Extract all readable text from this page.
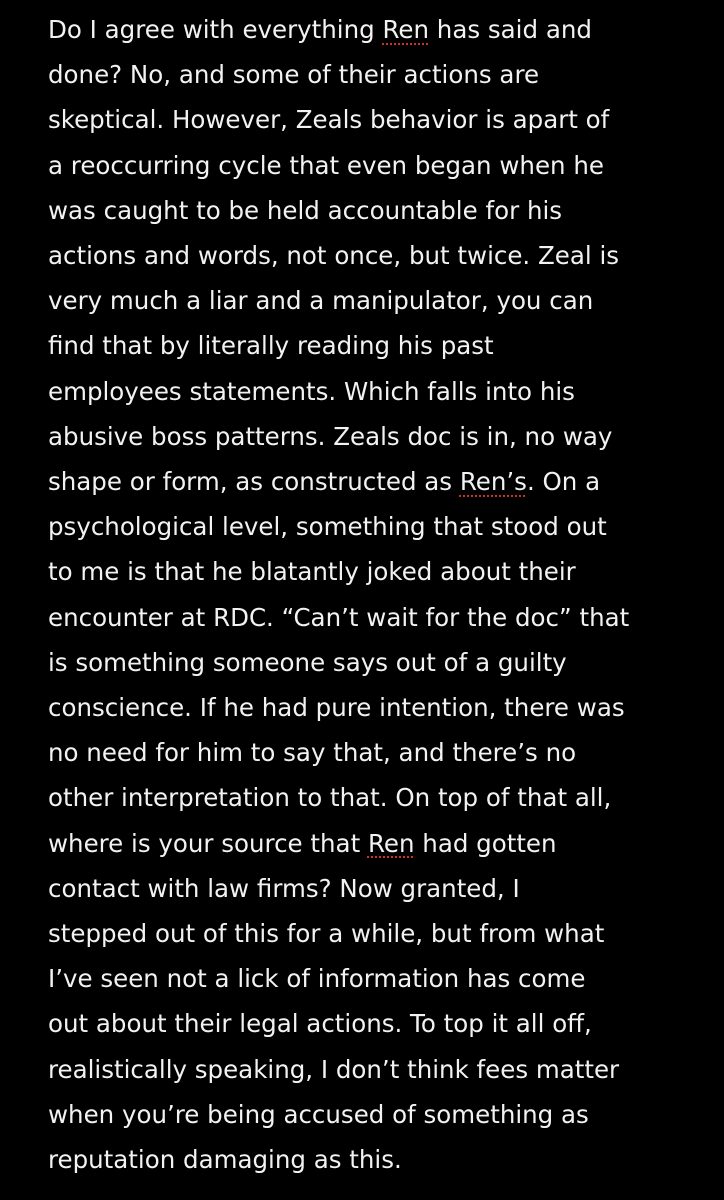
Do I agree with everything Ren has said and
done? No, and some of their actions are
skeptical. However, Zeals behavior is apart of
a reoccurring cycle that even began when he
was caught to be held accountable for his
actions and words, not once, but twice. Zeal is
very much a liar and a manipulator, you can
find that by literally reading his past
employees statements. Which falls into his
abusive boss patterns. Zeals doc is in, no way
shape or form, as constructed as Ren’s. On a
psychological level, something that stood out
to me is that he blatantly joked about their
encounter at RDC. “Can’t wait for the doc” that
is something someone says out of a guilty
conscience. If he had pure intention, there was
no need for him to say that, and there’s no
other interpretation to that. On top of that all,
where is your source that Ren had gotten
contact with law firms? Now granted, I
stepped out of this for a while, but from what
I’ve seen not a lick of information has come
out about their legal actions. To top it all off,
realistically speaking, I don’t think fees matter
when you’re being accused of something as
reputation damaging as this.
